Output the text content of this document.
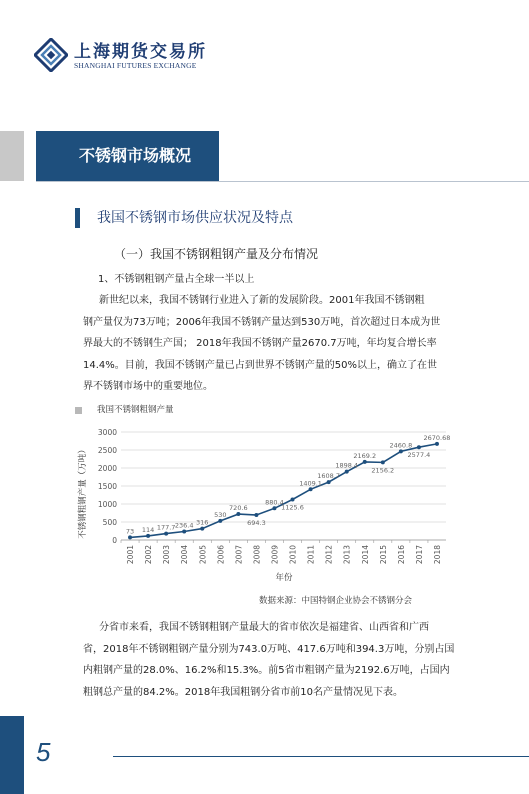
上海期货交易所
SHANGHAI FUTURES EXCHANGE
不锈钢市场概况
我国不锈钢市场供应状况及特点
（一）我国不锈钢粗钢产量及分布情况
1、不锈钢粗钢产量占全球一半以上

新世纪以来，我国不锈钢行业进入了新的发展阶段。2001年我国不锈钢粗
钢产量仅为73万吨；2006年我国不锈钢产量达到530万吨，首次超过日本成为世
界最大的不锈钢生产国； 2018年我国不锈钢产量2670.7万吨，年均复合增长率
14.4%。目前，我国不锈钢产量已占到世界不锈钢产量的50%以上，确立了在世
界不锈钢市场中的重要地位。

我国不锈钢粗钢产量
0
500
1000
1500
2000
2500
3000
2001 2002 2003 2004 2005 2006 2007 2008 2009 2010 2011 2012 2013 2014 2015 2016 2017 2018
73 114 177.7 236.4 316
530
720.6
694.3
880.4
1125.6
1409.1
1608.7
1898.4
2169.2
2156.2
2460.8
2577.4
2670.68
不锈钢粗钢产量（万吨）
年份
数据来源：中国特钢企业协会不锈钢分会

分省市来看，我国不锈钢粗钢产量最大的省市依次是福建省、山西省和广西
省，2018年不锈钢粗钢产量分别为743.0万吨、417.6万吨和394.3万吨，分别占国
内粗钢产量的28.0%、16.2%和15.3%。前5省市粗钢产量为2192.6万吨，占国内
粗钢总产量的84.2%。2018年我国粗钢分省市前10名产量情况见下表。

5
